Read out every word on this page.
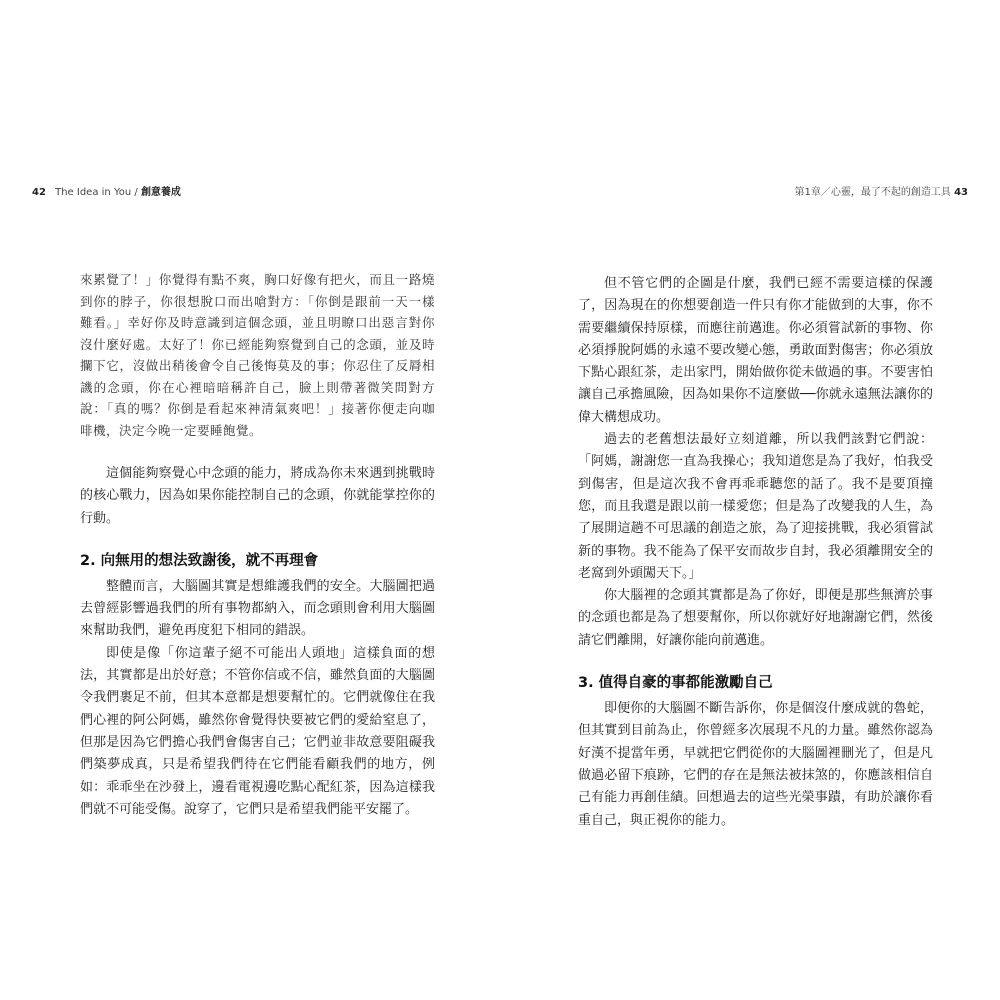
42 The Idea in You / 創意養成

來累覺了！」你覺得有點不爽，胸口好像有把火，而且一路燒到你的脖子，你很想脫口而出嗆對方：「你倒是跟前一天一樣難看。」幸好你及時意識到這個念頭，並且明瞭口出惡言對你沒什麼好處。太好了！你已經能夠察覺到自己的念頭，並及時攔下它，沒做出稍後會令自己後悔莫及的事；你忍住了反脣相譏的念頭，你在心裡暗暗稱許自己，臉上則帶著微笑問對方說：「真的嗎？你倒是看起來神清氣爽吧！」接著你便走向咖啡機，決定今晚一定要睡飽覺。

這個能夠察覺心中念頭的能力，將成為你未來遇到挑戰時的核心戰力，因為如果你能控制自己的念頭，你就能掌控你的行動。

2. 向無用的想法致謝後，就不再理會

整體而言，大腦圖其實是想維護我們的安全。大腦圖把過去曾經影響過我們的所有事物都納入，而念頭則會利用大腦圖來幫助我們，避免再度犯下相同的錯誤。

即使是像「你這輩子絕不可能出人頭地」這樣負面的想法，其實都是出於好意；不管你信或不信，雖然負面的大腦圖令我們裹足不前，但其本意都是想要幫忙的。它們就像住在我們心裡的阿公阿媽，雖然你會覺得快要被它們的愛給窒息了，但那是因為它們擔心我們會傷害自己；它們並非故意要阻礙我們築夢成真，只是希望我們待在它們能看顧我們的地方，例如：乖乖坐在沙發上，邊看電視邊吃點心配紅茶，因為這樣我們就不可能受傷。說穿了，它們只是希望我們能平安罷了。

第1章／心靈，最了不起的創造工具 43

但不管它們的企圖是什麼，我們已經不需要這樣的保護了，因為現在的你想要創造一件只有你才能做到的大事，你不需要繼續保持原樣，而應往前邁進。你必須嘗試新的事物、你必須掙脫阿媽的永遠不要改變心態，勇敢面對傷害；你必須放下點心跟紅茶，走出家門，開始做你從未做過的事。不要害怕讓自己承擔風險，因為如果你不這麼做──你就永遠無法讓你的偉大構想成功。

過去的老舊想法最好立刻道離，所以我們該對它們說：「阿媽，謝謝您一直為我操心；我知道您是為了我好，怕我受到傷害，但是這次我不會再乖乖聽您的話了。我不是要頂撞您，而且我還是跟以前一樣愛您；但是為了改變我的人生，為了展開這趟不可思議的創造之旅，為了迎接挑戰，我必須嘗試新的事物。我不能為了保平安而故步自封，我必須離開安全的老窩到外頭闖天下。」

你大腦裡的念頭其實都是為了你好，即便是那些無濟於事的念頭也都是為了想要幫你，所以你就好好地謝謝它們，然後請它們離開，好讓你能向前邁進。

3. 值得自豪的事都能激勵自己

即便你的大腦圖不斷告訴你，你是個沒什麼成就的魯蛇，但其實到目前為止，你曾經多次展現不凡的力量。雖然你認為好漢不提當年勇，早就把它們從你的大腦圖裡刪光了，但是凡做過必留下痕跡，它們的存在是無法被抹煞的，你應該相信自己有能力再創佳績。回想過去的這些光榮事蹟，有助於讓你看重自己，與正視你的能力。
